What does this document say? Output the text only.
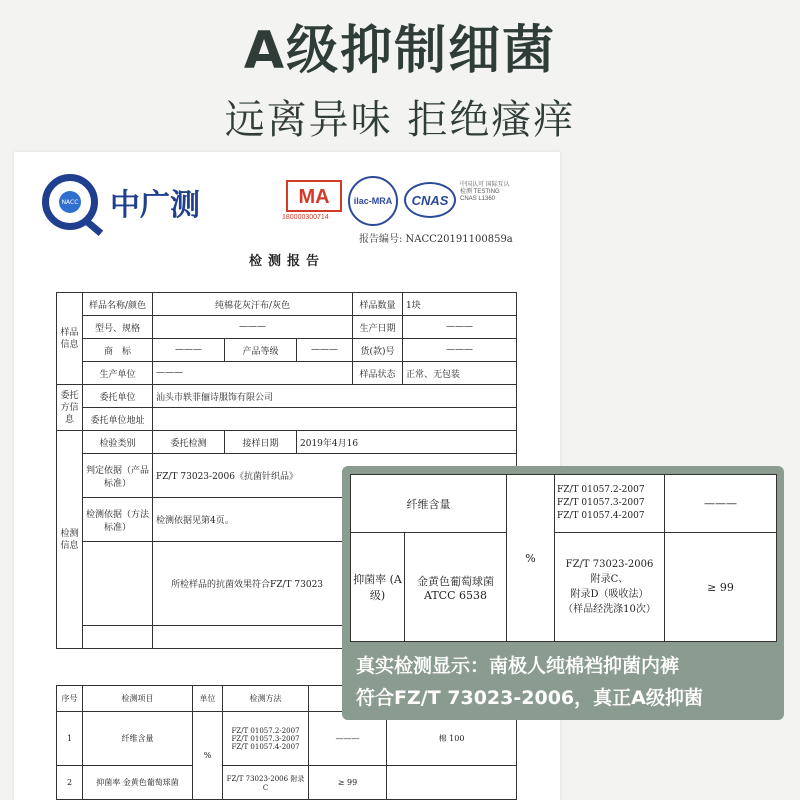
A级抑制细菌
远离异味 拒绝瘙痒
NACC 中广测	MA
180000300714
ilac-MRA	CNAS
中国认可 国际互认 检测 TESTING CNAS L1360
报告编号: NACC20191100859a
检测报告
样品信息	样品名称/颜色	纯棉花灰汗布/灰色			样品数量	1块
	型号、规格	———			生产日期	———
	商　标	———	产品等级	———	货(款)号	———
	生产单位	———			样品状态	正常、无包装
委托方信息	委托单位	汕头市轶菲俪诗服饰有限公司				
	委托单位地址					
检测信息	检验类别	委托检测	接样日期	2019年4月16		
	判定依据（产品标准）	FZ/T 73023-2006《抗菌针织品》				
	检测依据（方法标准）	检测依据见第4页。				
		所检样品的抗菌效果符合FZ/T 73023				

序号	检测项目	单位	检测方法		
1	纤维含量	%	FZ/T 01057.2-2007 FZ/T 01057.3-2007 FZ/T 01057.4-2007	———	棉 100
2	抑菌率 金黄色葡萄球菌		FZ/T 73023-2006 附录C	≥ 99	
纤维含量		%	FZ/T 01057.2-2007
FZ/T 01057.3-2007
FZ/T 01057.4-2007	———
抑菌率 (A级)	金黄色葡萄球菌 ATCC 6538		FZ/T 73023-2006
附录C、
附录D（吸收法）
（样品经洗涤10次）	≥ 99
真实检测显示：南极人纯棉裆抑菌内裤
符合FZ/T 73023-2006，真正A级抑菌
